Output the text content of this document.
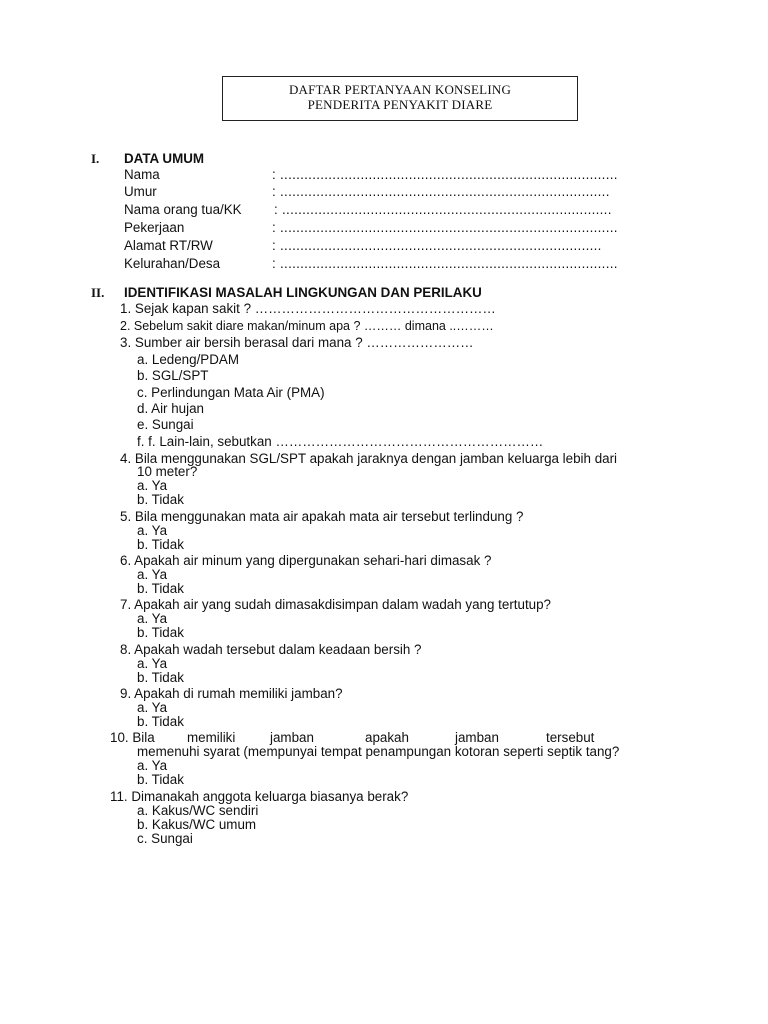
DAFTAR PERTANYAAN KONSELING
PENDERITA PENYAKIT DIARE
I. DATA UMUM
Nama	: ....................................................................................
Umur	: ..................................................................................
Nama orang tua/KK : ..................................................................................
Pekerjaan	: ....................................................................................
Alamat RT/RW	: ................................................................................
Kelurahan/Desa	: ....................................................................................
II. IDENTIFIKASI MASALAH LINGKUNGAN DAN PERILAKU
1. Sejak kapan sakit ? ………………………………………………
2. Sebelum sakit diare makan/minum apa ? ……… dimana ..………
3. Sumber air bersih berasal dari mana ? ……………………
a. Ledeng/PDAM
b. SGL/SPT
c. Perlindungan Mata Air (PMA)
d. Air hujan
e. Sungai
f. f. Lain-lain, sebutkan ……………………………………………………
4. Bila menggunakan SGL/SPT apakah jaraknya dengan jamban keluarga lebih dari
10 meter?
a. Ya
b. Tidak
5. Bila menggunakan mata air apakah mata air tersebut terlindung ?
a. Ya
b. Tidak
6. Apakah air minum yang dipergunakan sehari-hari dimasak ?
a. Ya
b. Tidak
7. Apakah air yang sudah dimasakdisimpan dalam wadah yang tertutup?
a. Ya
b. Tidak
8. Apakah wadah tersebut dalam keadaan bersih ?
a. Ya
b. Tidak
9. Apakah di rumah memiliki jamban?
a. Ya
b. Tidak
10. Bila memiliki	jamban	apakah	jamban	tersebut
memenuhi syarat (mempunyai tempat penampungan kotoran seperti septik tang?
a. Ya
b. Tidak
11. Dimanakah anggota keluarga biasanya berak?
a. Kakus/WC sendiri
b. Kakus/WC umum
c. Sungai
